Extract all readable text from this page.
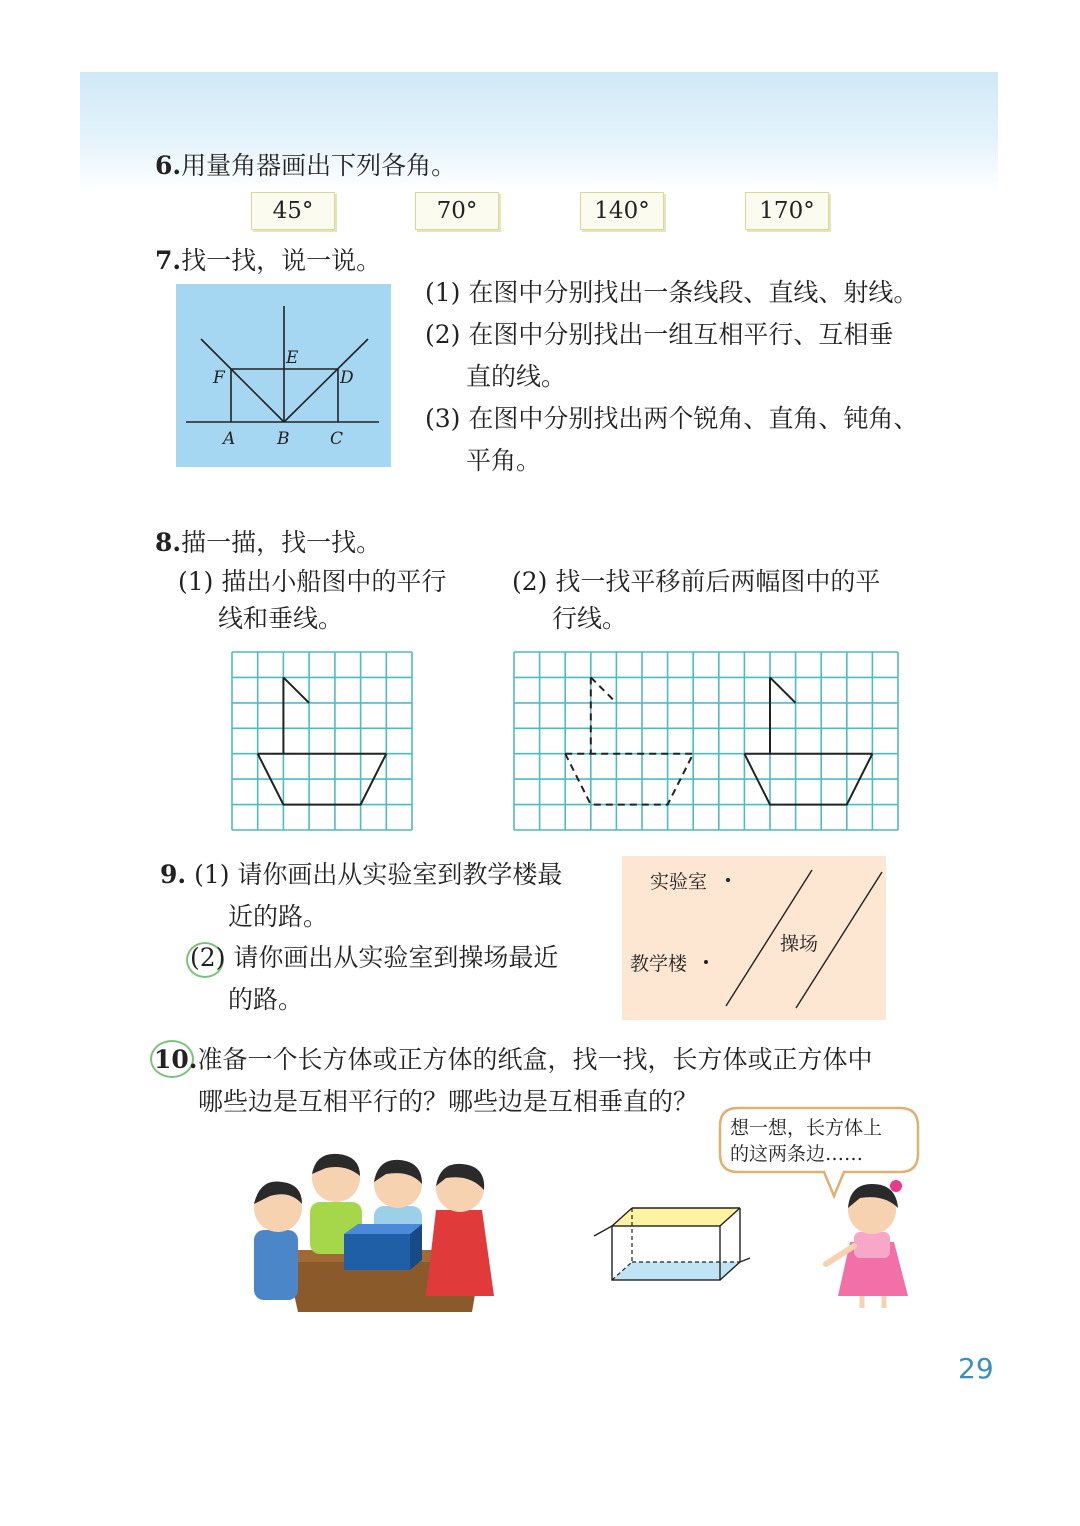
6.用量角器画出下列各角。
45°	70°	140°	170°
7.找一找，说一说。
A B C
D
E
F
(1) 在图中分别找出一条线段、直线、射线。
(2) 在图中分别找出一组互相平行、互相垂
直的线。
(3) 在图中分别找出两个锐角、直角、钝角、
平角。
8.描一描，找一找。
(1) 描出小船图中的平行
线和垂线。
(2) 找一找平移前后两幅图中的平
行线。
9. (1) 请你画出从实验室到教学楼最
近的路。
(2) 请你画出从实验室到操场最近
的路。
实验室
教学楼
操场
10.准备一个长方体或正方体的纸盒，找一找，长方体或正方体中
哪些边是互相平行的？哪些边是互相垂直的？
想一想，长方体上
的这两条边……
29
